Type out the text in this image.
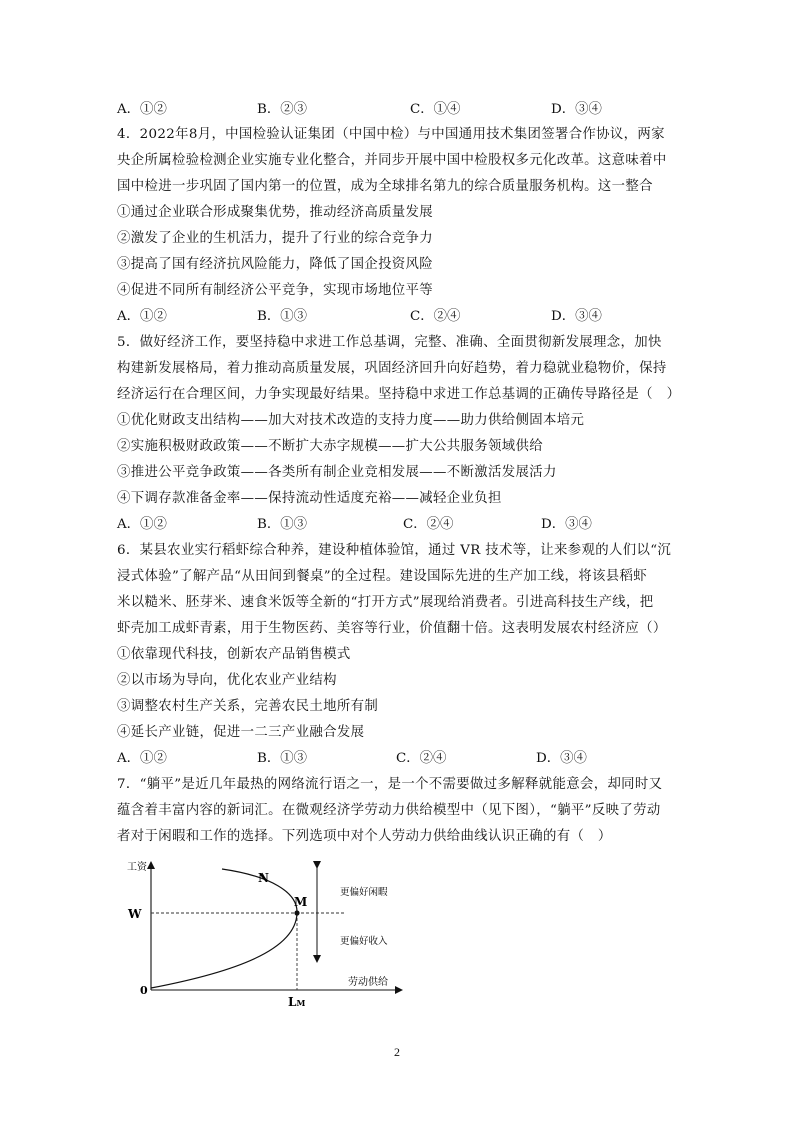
A．①②	B．②③	C．①④	D．③④
4．2022年8月，中国检验认证集团（中国中检）与中国通用技术集团签署合作协议，两家
央企所属检验检测企业实施专业化整合，并同步开展中国中检股权多元化改革。这意味着中
国中检进一步巩固了国内第一的位置，成为全球排名第九的综合质量服务机构。这一整合
①通过企业联合形成聚集优势，推动经济高质量发展
②激发了企业的生机活力，提升了行业的综合竞争力
③提高了国有经济抗风险能力，降低了国企投资风险
④促进不同所有制经济公平竞争，实现市场地位平等
A．①②	B．①③	C．②④	D．③④
5．做好经济工作，要坚持稳中求进工作总基调，完整、准确、全面贯彻新发展理念，加快
构建新发展格局，着力推动高质量发展，巩固经济回升向好趋势，着力稳就业稳物价，保持
经济运行在合理区间，力争实现最好结果。坚持稳中求进工作总基调的正确传导路径是（　）
①优化财政支出结构——加大对技术改造的支持力度——助力供给侧固本培元
②实施积极财政政策——不断扩大赤字规模——扩大公共服务领域供给
③推进公平竞争政策——各类所有制企业竞相发展——不断激活发展活力
④下调存款准备金率——保持流动性适度充裕——减轻企业负担
A．①②	B．①③	C．②④	D．③④
6．某县农业实行稻虾综合种养，建设种植体验馆，通过 VR 技术等，让来参观的人们以“沉
浸式体验”了解产品“从田间到餐桌”的全过程。建设国际先进的生产加工线，将该县稻虾
米以糙米、胚芽米、速食米饭等全新的“打开方式”展现给消费者。引进高科技生产线，把
虾壳加工成虾青素，用于生物医药、美容等行业，价值翻十倍。这表明发展农村经济应（）
①依靠现代科技，创新农产品销售模式
②以市场为导向，优化农业产业结构
③调整农村生产关系，完善农民土地所有制
④延长产业链，促进一二三产业融合发展
A．①②	B．①③	C．②④	D．③④
7．“躺平”是近几年最热的网络流行语之一，是一个不需要做过多解释就能意会，却同时又
蕴含着丰富内容的新词汇。在微观经济学劳动力供给模型中（见下图），“躺平”反映了劳动
者对于闲暇和工作的选择。下列选项中对个人劳动力供给曲线认识正确的有（　）
工资
劳动供给
0
W
M
N
LM
更偏好闲暇
更偏好收入
2
